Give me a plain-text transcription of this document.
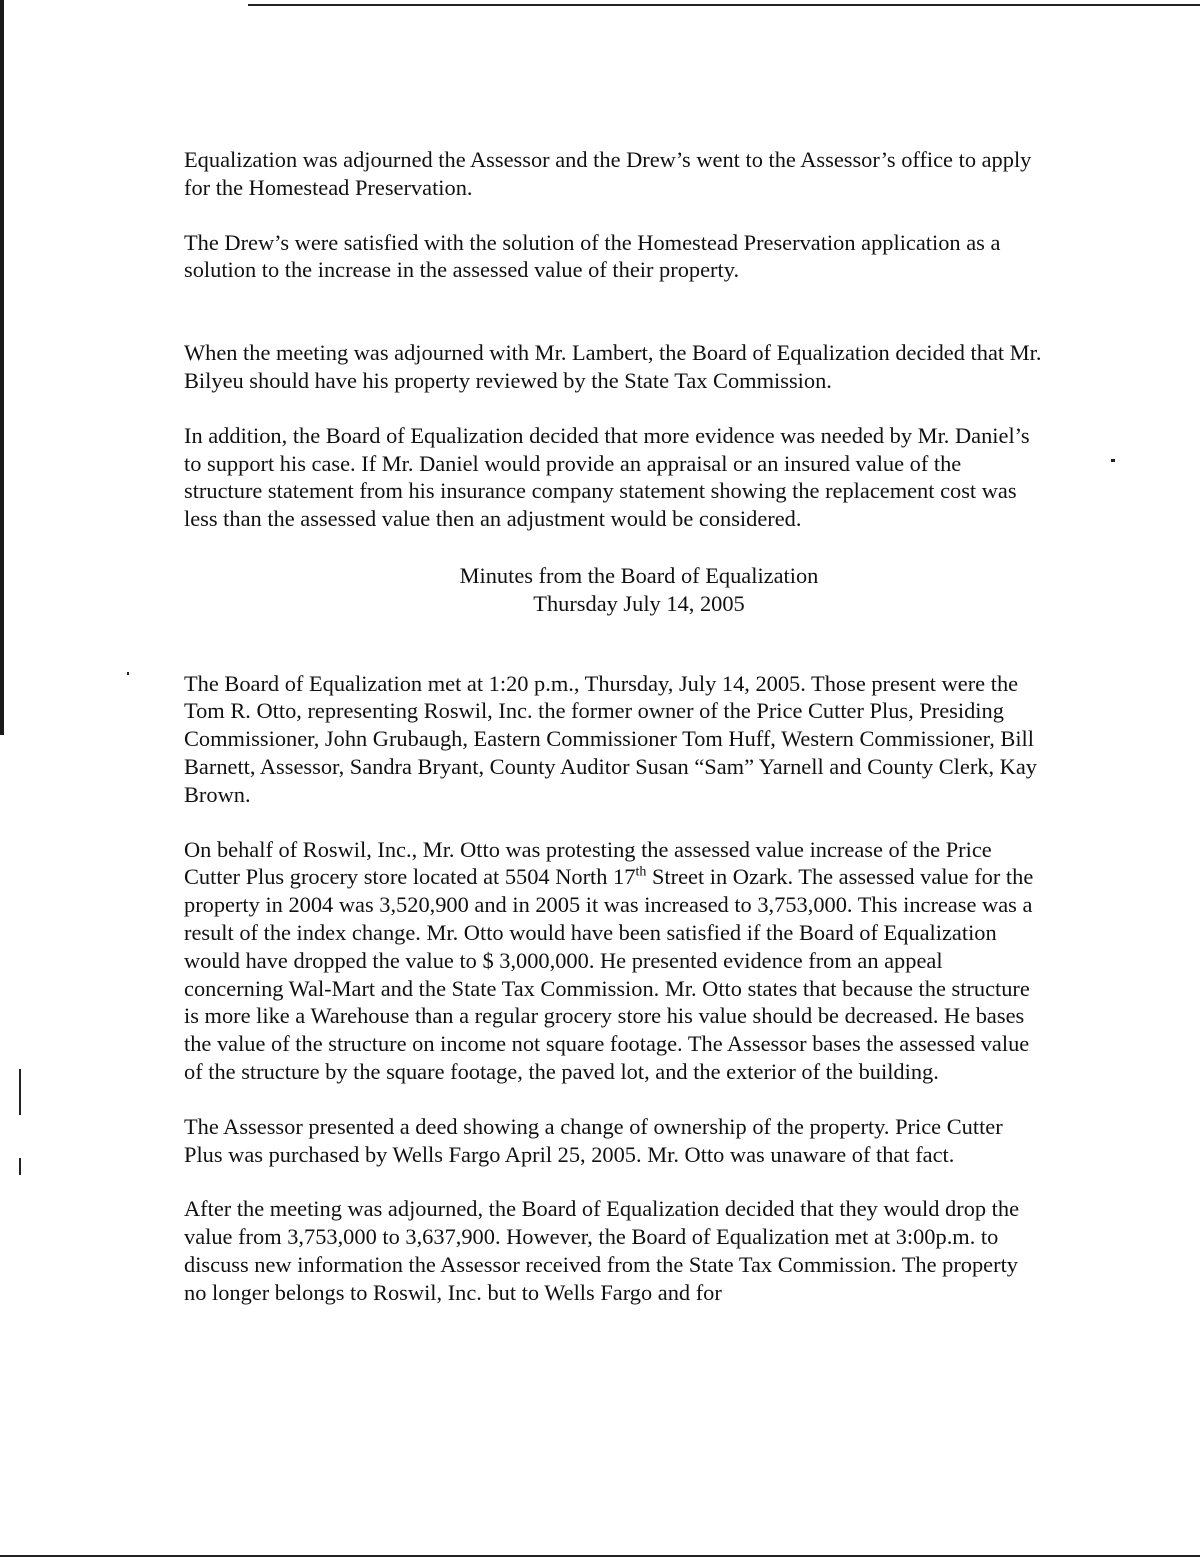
Equalization was adjourned the Assessor and the Drew’s went to the Assessor’s office to apply for the Homestead Preservation.

The Drew’s were satisfied with the solution of the Homestead Preservation application as a solution to the increase in the assessed value of their property.

When the meeting was adjourned with Mr. Lambert, the Board of Equalization decided that Mr. Bilyeu should have his property reviewed by the State Tax Commission.

In addition, the Board of Equalization decided that more evidence was needed by Mr. Daniel’s to support his case. If Mr. Daniel would provide an appraisal or an insured value of the structure statement from his insurance company statement showing the replacement cost was less than the assessed value then an adjustment would be considered.

Minutes from the Board of Equalization
Thursday July 14, 2005

The Board of Equalization met at 1:20 p.m., Thursday, July 14, 2005. Those present were the Tom R. Otto, representing Roswil, Inc. the former owner of the Price Cutter Plus, Presiding Commissioner, John Grubaugh, Eastern Commissioner Tom Huff, Western Commissioner, Bill Barnett, Assessor, Sandra Bryant, County Auditor Susan “Sam” Yarnell and County Clerk, Kay Brown.

On behalf of Roswil, Inc., Mr. Otto was protesting the assessed value increase of the Price Cutter Plus grocery store located at 5504 North 17th Street in Ozark. The assessed value for the property in 2004 was 3,520,900 and in 2005 it was increased to 3,753,000. This increase was a result of the index change. Mr. Otto would have been satisfied if the Board of Equalization would have dropped the value to $ 3,000,000. He presented evidence from an appeal concerning Wal-Mart and the State Tax Commission. Mr. Otto states that because the structure is more like a Warehouse than a regular grocery store his value should be decreased. He bases the value of the structure on income not square footage. The Assessor bases the assessed value of the structure by the square footage, the paved lot, and the exterior of the building.

The Assessor presented a deed showing a change of ownership of the property. Price Cutter Plus was purchased by Wells Fargo April 25, 2005. Mr. Otto was unaware of that fact.

After the meeting was adjourned, the Board of Equalization decided that they would drop the value from 3,753,000 to 3,637,900. However, the Board of Equalization met at 3:00p.m. to discuss new information the Assessor received from the State Tax Commission. The property no longer belongs to Roswil, Inc. but to Wells Fargo and for
